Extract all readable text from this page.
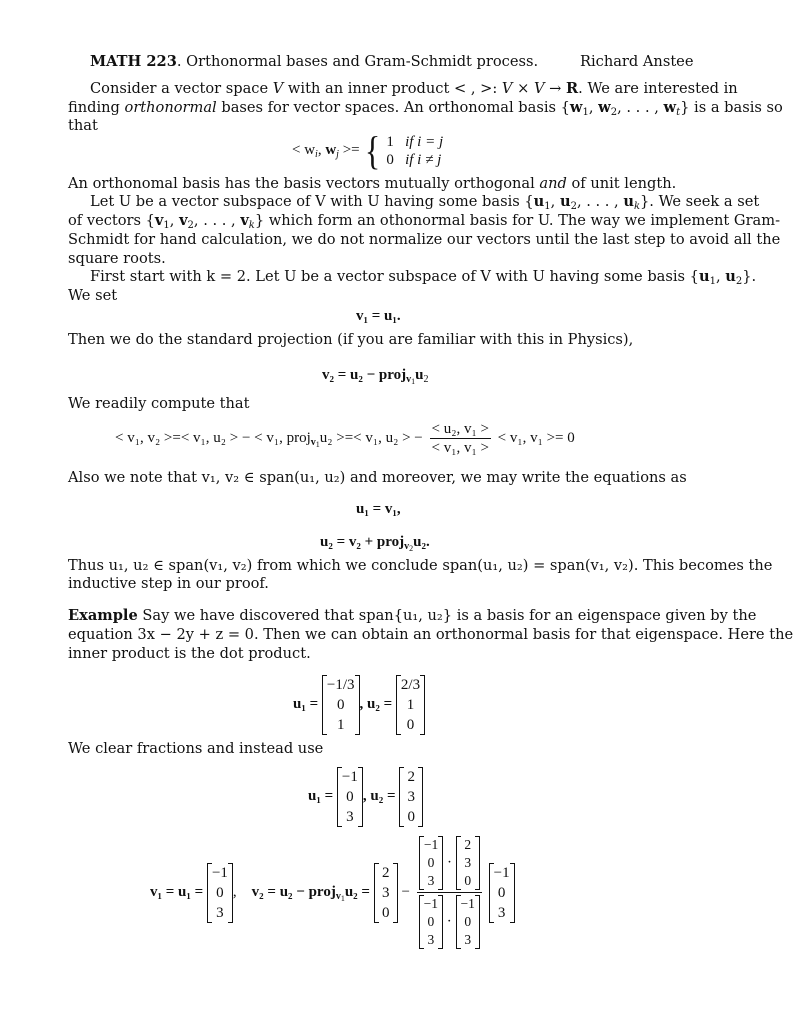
MATH 223. Orthonormal bases and Gram-Schmidt process.	Richard Anstee
Consider a vector space V with an inner product < , >: V × V → R. We are interested in
finding orthonormal bases for vector spaces. An orthonomal basis {$w_1$, $w_2$, . . . , $w_t$} is a basis so
that
< $w_i$, $w_j$ >= { 1 if i = j
0 if i ≠ j
An orthonomal basis has the basis vectors mutually orthogonal and of unit length.
Let U be a vector subspace of V with U having some basis {$u_1$, $u_2$, . . . , $u_k$}. We seek a set
of vectors {$v_1$, $v_2$, . . . , $v_k$} which form an othonormal basis for U. The way we implement Gram-
Schmidt for hand calculation, we do not normalize our vectors until the last step to avoid all the
square roots.
First start with k = 2. Let U be a vector subspace of V with U having some basis {$u_1$, $u_2$}.
We set
v₁ = u₁.
Then we do the standard projection (if you are familiar with this in Physics),
$v_2 = u_2 - proj_{v_1}u_2$
We readily compute that
< v₁, v₂ >=< v₁, u₂ > − < v₁, proj$_{v_1}$u₂ >=< v₁, u₂ > − $\frac{\text{< u₂, v₁ >}}{\text{< v₁, v₁ >}} < v_1$, v₁ >= 0
Also we note that v₁, v₂ ∈ span(u₁, u₂) and moreover, we may write the equations as
u₁ = v₁,
u₂ = v₂ + proj$_{v_2}$u₂.
Thus u₁, u₂ ∈ span(v₁, v₂) from which we conclude span(u₁, u₂) = span(v₁, v₂). This becomes the
inductive step in our proof.
Example Say we have discovered that span{u₁, u₂} is a basis for an eigenspace given by the
equation 3x − 2y + z = 0. Then we can obtain an orthonormal basis for that eigenspace. Here the
inner product is the dot product.
u₁ =
−1/3
0
1
, u₂ =
2/3
1
0
We clear fractions and instead use
u₁ =
−1
0
3
, u₂ =
2
3
0
v₁ = u₁ =
−1
0
3
, v₂ = u₂ − proj$_{v_1}$u₂ =
2
3
0
−
−1
0
3
·
2
3
0
−1
0
3
·
−1
0
3

−1
0
3
